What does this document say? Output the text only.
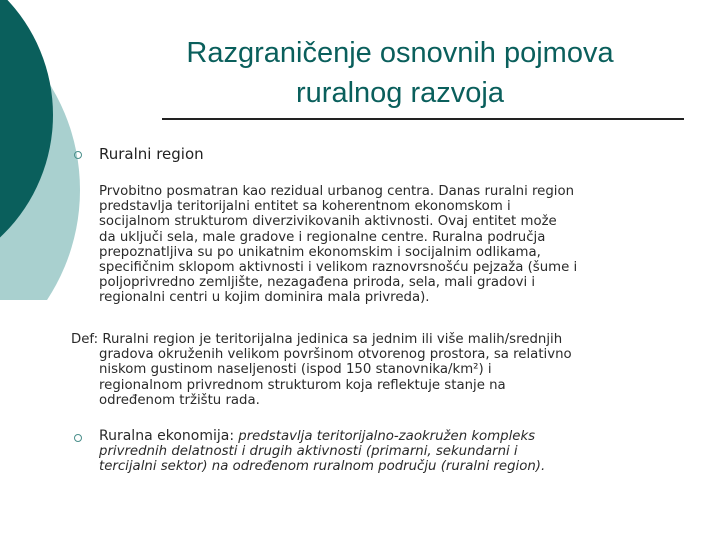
Razgraničenje osnovnih pojmova
ruralnog razvoja
Ruralni region
Prvobitno posmatran kao rezidual urbanog centra. Danas ruralni region
predstavlja teritorijalni entitet sa koherentnom ekonomskom i
socijalnom strukturom diverzivikovanih aktivnosti. Ovaj entitet može
da uključi sela, male gradove i regionalne centre. Ruralna područja
prepoznatljiva su po unikatnim ekonomskim i socijalnim odlikama,
specifičnim sklopom aktivnosti i velikom raznovrsnošću pejzaža (šume i
poljoprivredno zemljište, nezagađena priroda, sela, mali gradovi i
regionalni centri u kojim dominira mala privreda).
Def: Ruralni region je teritorijalna jedinica sa jednim ili više malih/srednjih
gradova okruženih velikom površinom otvorenog prostora, sa relativno
niskom gustinom naseljenosti (ispod 150 stanovnika/km²) i
regionalnom privrednom strukturom koja reflektuje stanje na
određenom tržištu rada.
Ruralna ekonomija: predstavlja teritorijalno-zaokružen kompleks
privrednih delatnosti i drugih aktivnosti (primarni, sekundarni i
tercijalni sektor) na određenom ruralnom području (ruralni region).
